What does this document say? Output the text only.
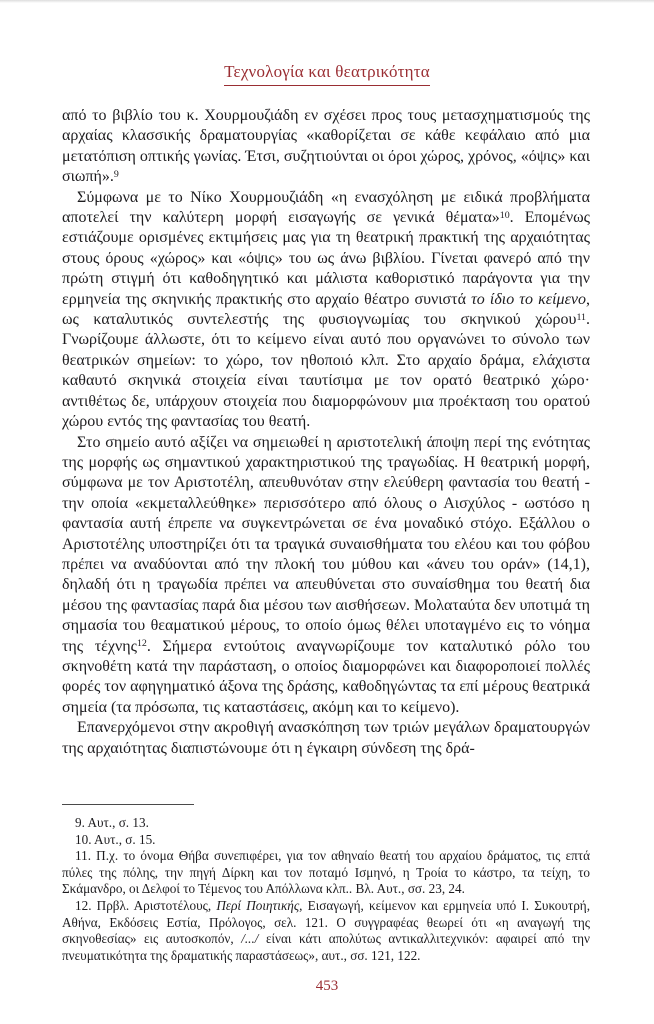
Τεχνολογία και θεατρικότητα

από το βιβλίο του κ. Χουρμουζιάδη εν σχέσει προς τους μετασχηματισμούς της αρχαίας κλασσικής δραματουργίας «καθορίζεται σε κάθε κεφάλαιο από μια μετατόπιση οπτικής γωνίας. Έτσι, συζητιούνται οι όροι χώρος, χρόνος, «όψις» και σιωπή».$^9$

Σύμφωνα με το Νίκο Χουρμουζιάδη «η ενασχόληση με ειδικά προβλήματα αποτελεί την καλύτερη μορφή εισαγωγής σε γενικά θέματα»$^{10}$. Επομένως εστιάζουμε ορισμένες εκτιμήσεις μας για τη θεατρική πρακτική της αρχαιότητας στους όρους «χώρος» και «όψις» του ως άνω βιβλίου. Γίνεται φανερό από την πρώτη στιγμή ότι καθοδηγητικό και μάλιστα καθοριστικό παράγοντα για την ερμηνεία της σκηνικής πρακτικής στο αρχαίο θέατρο συνιστά το ίδιο το κείμενο, ως καταλυτικός συντελεστής της φυσιογνωμίας του σκηνικού χώρου$^{11}$. Γνωρίζουμε άλλωστε, ότι το κείμενο είναι αυτό που οργανώνει το σύνολο των θεατρικών σημείων: το χώρο, τον ηθοποιό κλπ. Στο αρχαίο δράμα, ελάχιστα καθαυτό σκηνικά στοιχεία είναι ταυτίσιμα με τον ορατό θεατρικό χώρο· αντιθέτως δε, υπάρχουν στοιχεία που διαμορφώνουν μια προέκταση του ορατού χώρου εντός της φαντασίας του θεατή.

Στο σημείο αυτό αξίζει να σημειωθεί η αριστοτελική άποψη περί της ενότητας της μορφής ως σημαντικού χαρακτηριστικού της τραγωδίας. Η θεατρική μορφή, σύμφωνα με τον Αριστοτέλη, απευθυνόταν στην ελεύθερη φαντασία του θεατή - την οποία «εκμεταλλεύθηκε» περισσότερο από όλους ο Αισχύλος - ωστόσο η φαντασία αυτή έπρεπε να συγκεντρώνεται σε ένα μοναδικό στόχο. Εξάλλου ο Αριστοτέλης υποστηρίζει ότι τα τραγικά συναισθήματα του ελέου και του φόβου πρέπει να αναδύονται από την πλοκή του μύθου και «άνευ του οράν» (14,1), δηλαδή ότι η τραγωδία πρέπει να απευθύνεται στο συναίσθημα του θεατή δια μέσου της φαντασίας παρά δια μέσου των αισθήσεων. Μολαταύτα δεν υποτιμά τη σημασία του θεαματικού μέρους, το οποίο όμως θέλει υποταγμένο εις το νόημα της τέχνης$^{12}$. Σήμερα εντούτοις αναγνωρίζουμε τον καταλυτικό ρόλο του σκηνοθέτη κατά την παράσταση, ο οποίος διαμορφώνει και διαφοροποιεί πολλές φορές τον αφηγηματικό άξονα της δράσης, καθοδηγώντας τα επί μέρους θεατρικά σημεία (τα πρόσωπα, τις καταστάσεις, ακόμη και το κείμενο).

Επανερχόμενοι στην ακροθιγή ανασκόπηση των τριών μεγάλων δραματουργών της αρχαιότητας διαπιστώνουμε ότι η έγκαιρη σύνδεση της δρά-

9. Αυτ., σ. 13.

10. Αυτ., σ. 15.

11. Π.χ. το όνομα Θήβα συνεπιφέρει, για τον αθηναίο θεατή του αρχαίου δράματος, τις επτά πύλες της πόλης, την πηγή Δίρκη και τον ποταμό Ισμηνό, η Τροία το κάστρο, τα τείχη, το Σκάμανδρο, οι Δελφοί το Τέμενος του Απόλλωνα κλπ.. Βλ. Αυτ., σσ. 23, 24.

12. Πρβλ. Αριστοτέλους, Περί Ποιητικής, Εισαγωγή, κείμενον και ερμηνεία υπό Ι. Συκουτρή, Αθήνα, Εκδόσεις Εστία, Πρόλογος, σελ. 121. Ο συγγραφέας θεωρεί ότι «η αναγωγή της σκηνοθεσίας» εις αυτοσκοπόν, /.../ είναι κάτι απολύτως αντικαλλιτεχνικόν: αφαιρεί από την πνευματικότητα της δραματικής παραστάσεως», αυτ., σσ. 121, 122.

453
